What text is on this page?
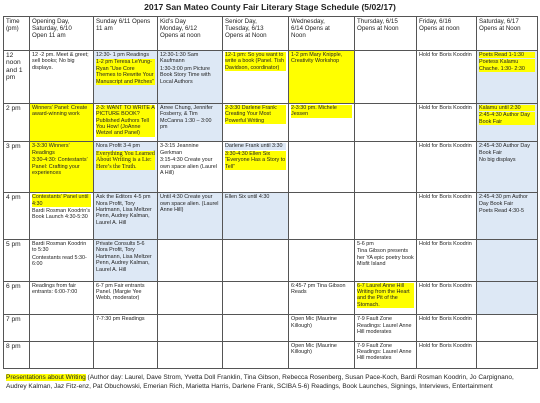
2017 San Mateo County Fair Literary Stage Schedule (5/02/17)
Time (pm)	Opening Day,
Saturday, 6/10
Open 11 am	Sunday 6/11 Opens
11 am	Kid’s Day
Monday, 6/12
Opens at noon	Senior Day,
Tuesday, 6/13
Opens at Noon	Wednesday,
6/14 Opens at
Noon	Thursday, 6/15
Opens at Noon	Friday, 6/16
Opens at noon	Saturday, 6/17
Opens at Noon

12 noon and 1 pm	12 -2 pm. Meet & greet; sell books; No big displays.	12:30- 1 pm Readings
1-2 pm Teresa LeYung-Ryan “Use Core Themes to Rewrite Your Manuscript and Pitches”	12:30-1:30 Sam Kaufmann
1:30-3:00 pm Picture Book Story Time with Local Authors	12-1 pm: So you want to write a book (Panel. Tish Davidson, coordinator)	1-2 pm Mary Knipple, Creativity Workshop		Hold for Boris Koodrin	Poets Read 1-1:30
Poetess Kalamu Chache. 1:30- 2:30

2 pm	Winners’ Panel: Create award-winning work	2-3: WANT TO WRITE A PICTURE BOOK? Published Authors Tell You How! (JoAnne Wetzel and Panel)	Arree Chung, Jennifer Fosberry, & Tim McCanna 1:30 – 3:00 pm	2-3:30 Darlene Frank: Creating Your Most Powerful Writing	2-3:30 pm. Michele Jessen		Hold for Boris Koodrin	Kalamu until 2:30
2:45-4:30 Author Day Book Fair

3 pm	3-3:30 Winners’ Readings
3:30-4:30: Contestants’ Panel: Crafting your experiences	Nora Profit 3-4 pm
Everything You Learned About Writing is a Lie: Here’s the Truth.	3-3:15 Jeannine Gerkman
3:15-4:30 Create your own space alien (Laurel A Hill)	Darlene Frank until 3:30
3:30-4:30 Ellen Six “Everyone Has a Story to Tell”			Hold for Boris Koodrin	2:45-4:30 Author Day Book Fair
No big displays

4 pm	Contestants’ Panel until 4:30
Bardi Rosman Koodrin’s Book Launch 4:30-5:30	Ask the Editors 4-5 pm Nora Profit, Tory Hartmann, Lisa Meltzer Penn, Audrey Kalman, Laurel A. Hill	Until 4:30 Create your own space alien. (Laurel Anne Hill)	Ellen Six until 4:30			Hold for Boris Koodrin	2:45-4:30 pm Author Day Book Fair
Poets Read 4:30-5

5 pm	Bardi Rosman Koodrin to 5:30
Contestants read 5:30-6:00	Private Consults 5-6 Nora Profit, Tory Hartmann, Lisa Meltzer Penn, Audrey Kalman, Laurel A. Hill				5-6 pm
Tina Gibson presents her YA epic poetry book Misfit Island	Hold for Boris Koodrin	

6 pm	Readings from fair entrants: 6:00-7:00	6-7 pm Fair entrants Panel. (Margie Yee Webb, moderator)			6:45-7 pm Tina Gibson Reads	6-7 Laurel Anne Hill Writing from the Heart and the Pit of the Stomach.	Hold for Boris Koodrin	

7 pm		7-7:30 pm Readings			Open Mic (Maurine Killough)	7-9 Fault Zone Readings: Laurel Anne Hill moderates	Hold for Boris Koodrin	

8 pm					Open Mic (Maurine Killough)	7-9 Fault Zone Readings: Laurel Anne Hill moderates	Hold for Boris Koodrin	

Presentations about Writing (Author day: Laurel, Dave Strom, Yvetta Doll Franklin, Tina Gibson, Rebecca Rosenberg, Susan Pace-Koch, Bardi Rosman Koodrin, Jo Carpignano, Audrey Kalman, Jaz Fitz-enz, Pat Obuchowski, Emerian Rich, Marietta Harris, Darlene Frank, SCIBA 5-6) Readings, Book Launches, Signings, Interviews, Entertainment
